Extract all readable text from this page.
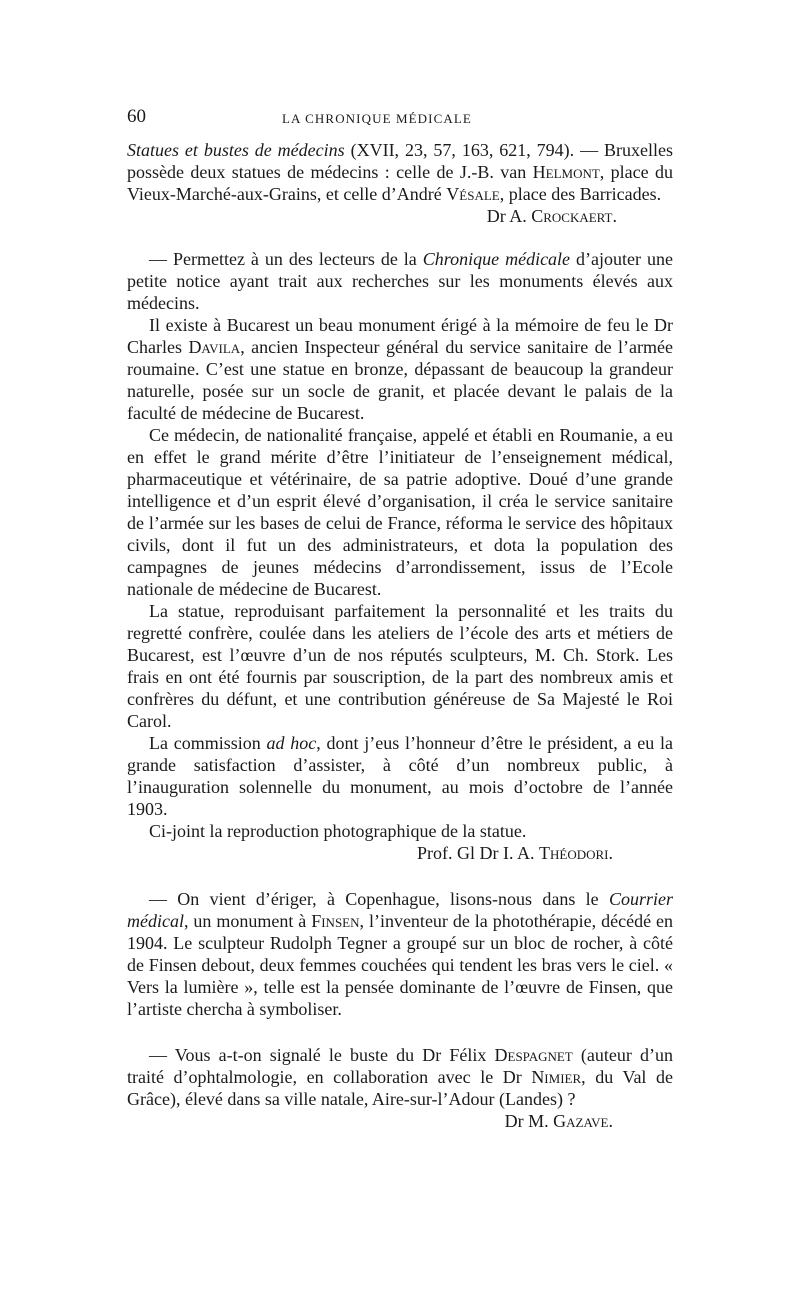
60	LA CHRONIQUE MÉDICALE

Statues et bustes de médecins (XVII, 23, 57, 163, 621, 794). — Bruxelles possède deux statues de médecins : celle de J.-B. van Helmont, place du Vieux-Marché-aux-Grains, et celle d’André Vésale, place des Barricades.

Dr A. Crockaert.

— Permettez à un des lecteurs de la Chronique médicale d’ajouter une petite notice ayant trait aux recherches sur les monuments élevés aux médecins.

Il existe à Bucarest un beau monument érigé à la mémoire de feu le Dr Charles Davila, ancien Inspecteur général du service sanitaire de l’armée roumaine. C’est une statue en bronze, dépassant de beaucoup la grandeur naturelle, posée sur un socle de granit, et placée devant le palais de la faculté de médecine de Bucarest.

Ce médecin, de nationalité française, appelé et établi en Roumanie, a eu en effet le grand mérite d’être l’initiateur de l’enseignement médical, pharmaceutique et vétérinaire, de sa patrie adoptive. Doué d’une grande intelligence et d’un esprit élevé d’organisation, il créa le service sanitaire de l’armée sur les bases de celui de France, réforma le service des hôpitaux civils, dont il fut un des administrateurs, et dota la population des campagnes de jeunes médecins d’arrondissement, issus de l’Ecole nationale de médecine de Bucarest.

La statue, reproduisant parfaitement la personnalité et les traits du regretté confrère, coulée dans les ateliers de l’école des arts et métiers de Bucarest, est l’œuvre d’un de nos réputés sculpteurs, M. Ch. Stork. Les frais en ont été fournis par souscription, de la part des nombreux amis et confrères du défunt, et une contribution généreuse de Sa Majesté le Roi Carol.

La commission ad hoc, dont j’eus l’honneur d’être le président, a eu la grande satisfaction d’assister, à côté d’un nombreux public, à l’inauguration solennelle du monument, au mois d’octobre de l’année 1903.

Ci-joint la reproduction photographique de la statue.

Prof. Gl Dr I. A. Théodori.

— On vient d’ériger, à Copenhague, lisons-nous dans le Courrier médical, un monument à Finsen, l’inventeur de la photothérapie, décédé en 1904. Le sculpteur Rudolph Tegner a groupé sur un bloc de rocher, à côté de Finsen debout, deux femmes couchées qui tendent les bras vers le ciel. « Vers la lumière », telle est la pensée dominante de l’œuvre de Finsen, que l’artiste chercha à symboliser.

— Vous a-t-on signalé le buste du Dr Félix Despagnet (auteur d’un traité d’ophtalmologie, en collaboration avec le Dr Nimier, du Val de Grâce), élevé dans sa ville natale, Aire-sur-l’Adour (Landes) ?

Dr M. Gazave.
